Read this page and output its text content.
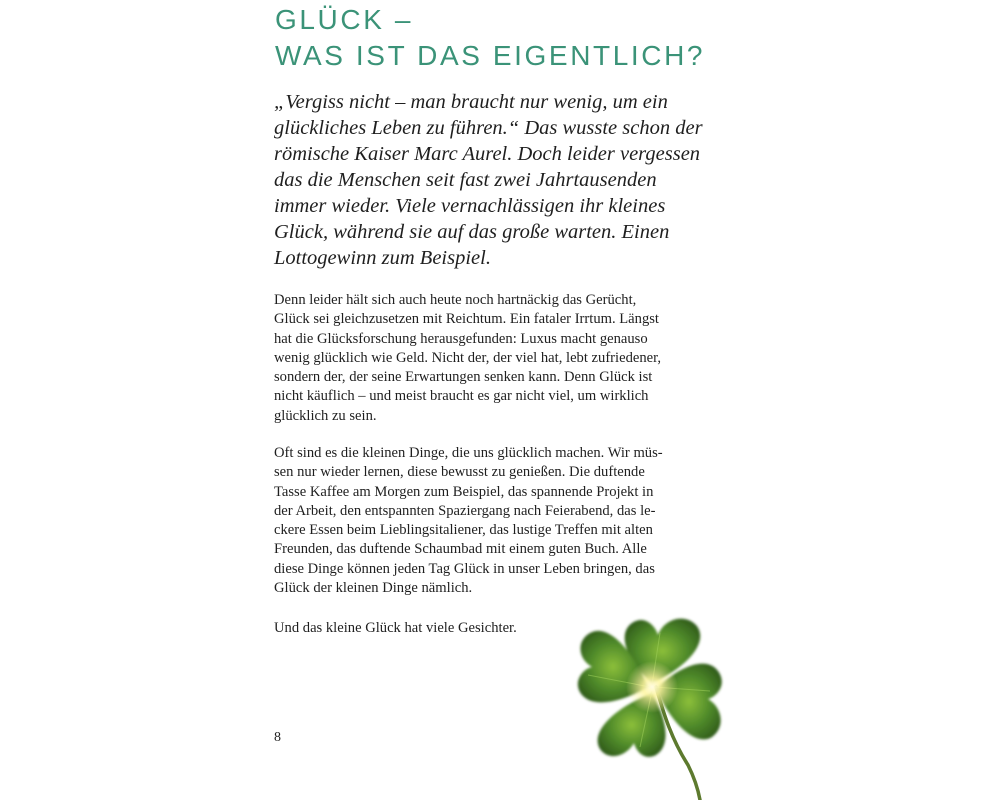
GLÜCK –
WAS IST DAS EIGENTLICH?

„Vergiss nicht – man braucht nur wenig, um ein
glückliches Leben zu führen.“ Das wusste schon der
römische Kaiser Marc Aurel. Doch leider vergessen
das die Menschen seit fast zwei Jahrtausenden
immer wieder. Viele vernachlässigen ihr kleines
Glück, während sie auf das große warten. Einen
Lottogewinn zum Beispiel.

Denn leider hält sich auch heute noch hartnäckig das Gerücht,
Glück sei gleichzusetzen mit Reichtum. Ein fataler Irrtum. Längst
hat die Glücksforschung herausgefunden: Luxus macht genauso
wenig glücklich wie Geld. Nicht der, der viel hat, lebt zufriedener,
sondern der, der seine Erwartungen senken kann. Denn Glück ist
nicht käuflich – und meist braucht es gar nicht viel, um wirklich
glücklich zu sein.

Oft sind es die kleinen Dinge, die uns glücklich machen. Wir müs-
sen nur wieder lernen, diese bewusst zu genießen. Die duftende
Tasse Kaffee am Morgen zum Beispiel, das spannende Projekt in
der Arbeit, den entspannten Spaziergang nach Feierabend, das le-
ckere Essen beim Lieblingsitaliener, das lustige Treffen mit alten
Freunden, das duftende Schaumbad mit einem guten Buch. Alle
diese Dinge können jeden Tag Glück in unser Leben bringen, das
Glück der kleinen Dinge nämlich.

Und das kleine Glück hat viele Gesichter.

8
